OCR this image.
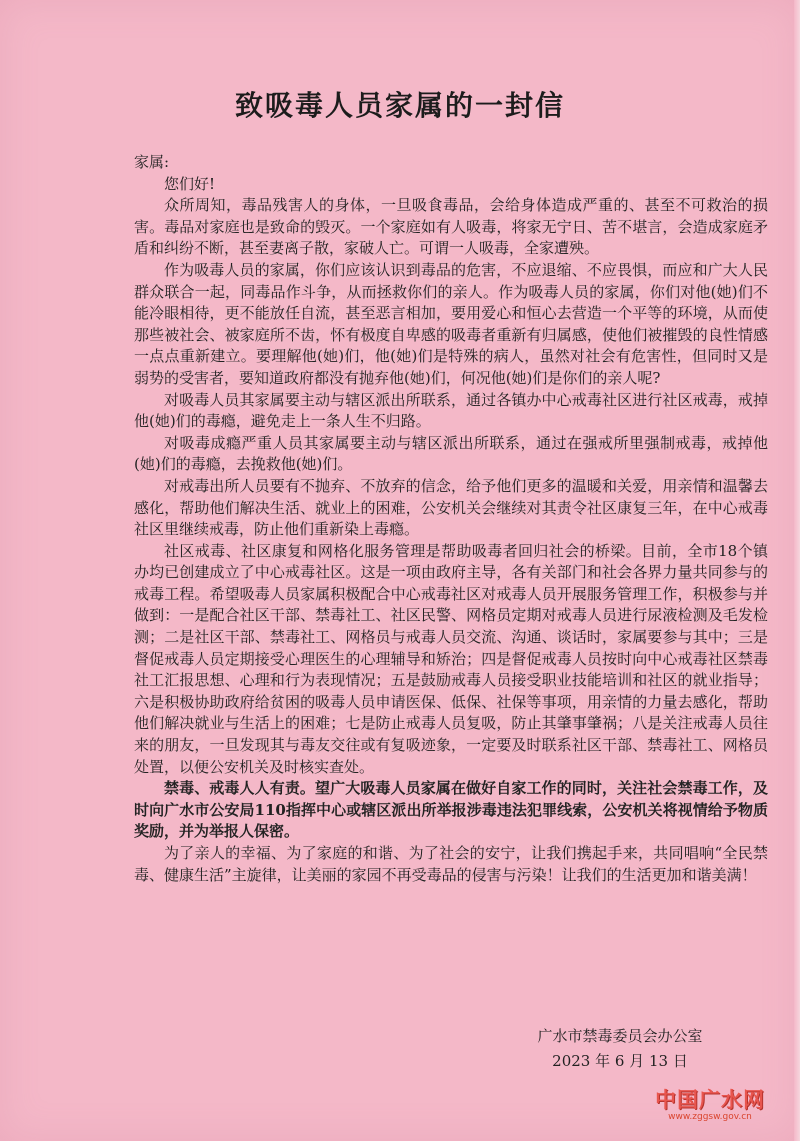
致吸毒人员家属的一封信

家属:

您们好!

众所周知，毒品残害人的身体，一旦吸食毒品，会给身体造成严重的、甚至不可救治的损害。毒品对家庭也是致命的毁灭。一个家庭如有人吸毒，将家无宁日、苦不堪言，会造成家庭矛盾和纠纷不断，甚至妻离子散，家破人亡。可谓一人吸毒，全家遭殃。

作为吸毒人员的家属，你们应该认识到毒品的危害，不应退缩、不应畏惧，而应和广大人民群众联合一起，同毒品作斗争，从而拯救你们的亲人。作为吸毒人员的家属，你们对他(她)们不能冷眼相待，更不能放任自流，甚至恶言相加，要用爱心和恒心去营造一个平等的环境，从而使那些被社会、被家庭所不齿，怀有极度自卑感的吸毒者重新有归属感，使他们被摧毁的良性情感一点点重新建立。要理解他(她)们，他(她)们是特殊的病人，虽然对社会有危害性，但同时又是弱势的受害者，要知道政府都没有抛弃他(她)们，何况他(她)们是你们的亲人呢?

对吸毒人员其家属要主动与辖区派出所联系，通过各镇办中心戒毒社区进行社区戒毒，戒掉他(她)们的毒瘾，避免走上一条人生不归路。

对吸毒成瘾严重人员其家属要主动与辖区派出所联系，通过在强戒所里强制戒毒，戒掉他(她)们的毒瘾，去挽救他(她)们。

对戒毒出所人员要有不抛弃、不放弃的信念，给予他们更多的温暖和关爱，用亲情和温馨去感化，帮助他们解决生活、就业上的困难，公安机关会继续对其责令社区康复三年，在中心戒毒社区里继续戒毒，防止他们重新染上毒瘾。

社区戒毒、社区康复和网格化服务管理是帮助吸毒者回归社会的桥梁。目前，全市18个镇办均已创建成立了中心戒毒社区。这是一项由政府主导，各有关部门和社会各界力量共同参与的戒毒工程。希望吸毒人员家属积极配合中心戒毒社区对戒毒人员开展服务管理工作，积极参与并做到：一是配合社区干部、禁毒社工、社区民警、网格员定期对戒毒人员进行尿液检测及毛发检测；二是社区干部、禁毒社工、网格员与戒毒人员交流、沟通、谈话时，家属要参与其中；三是督促戒毒人员定期接受心理医生的心理辅导和矫治；四是督促戒毒人员按时向中心戒毒社区禁毒社工汇报思想、心理和行为表现情况；五是鼓励戒毒人员接受职业技能培训和社区的就业指导；六是积极协助政府给贫困的吸毒人员申请医保、低保、社保等事项，用亲情的力量去感化，帮助他们解决就业与生活上的困难；七是防止戒毒人员复吸，防止其肇事肇祸；八是关注戒毒人员往来的朋友，一旦发现其与毒友交往或有复吸迹象，一定要及时联系社区干部、禁毒社工、网格员处置，以便公安机关及时核实查处。

禁毒、戒毒人人有责。望广大吸毒人员家属在做好自家工作的同时，关注社会禁毒工作，及时向广水市公安局110指挥中心或辖区派出所举报涉毒违法犯罪线索，公安机关将视情给予物质奖励，并为举报人保密。

为了亲人的幸福、为了家庭的和谐、为了社会的安宁，让我们携起手来，共同唱响“全民禁毒、健康生活”主旋律，让美丽的家园不再受毒品的侵害与污染！让我们的生活更加和谐美满！

广水市禁毒委员会办公室
2023 年 6 月 13 日
中国广水网
www.zggsw.gov.cn
